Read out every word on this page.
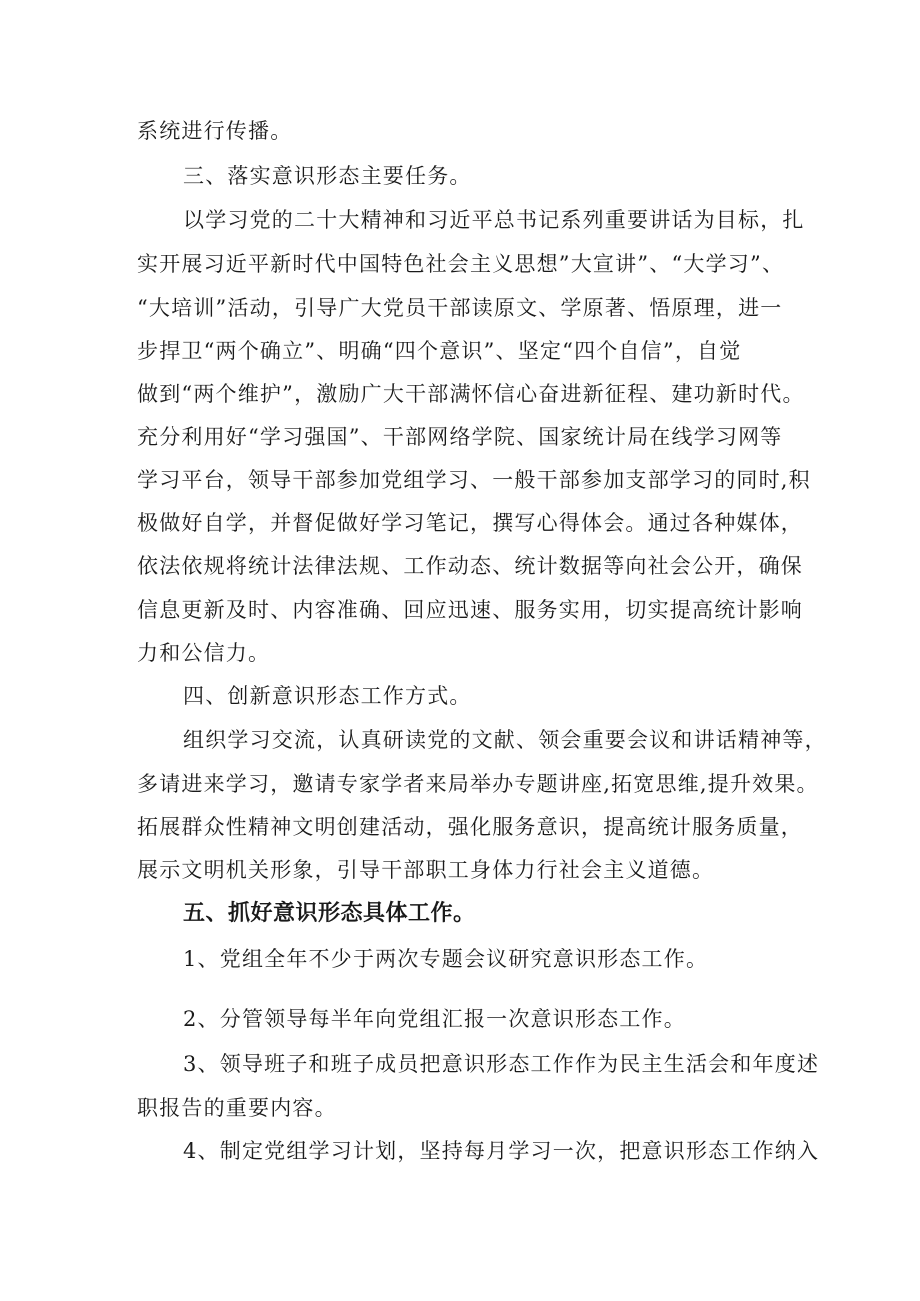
系统进行传播。
三、落实意识形态主要任务。
以学习党的二十大精神和习近平总书记系列重要讲话为目标，扎
实开展习近平新时代中国特色社会主义思想”大宣讲”、“大学习”、
“大培训”活动，引导广大党员干部读原文、学原著、悟原理，进一
步捍卫“两个确立”、明确“四个意识”、坚定“四个自信”，自觉
做到“两个维护”，激励广大干部满怀信心奋进新征程、建功新时代。
充分利用好“学习强国”、干部网络学院、国家统计局在线学习网等
学习平台，领导干部参加党组学习、一般干部参加支部学习的同时,积
极做好自学，并督促做好学习笔记，撰写心得体会。通过各种媒体，
依法依规将统计法律法规、工作动态、统计数据等向社会公开，确保
信息更新及时、内容准确、回应迅速、服务实用，切实提高统计影响
力和公信力。
四、创新意识形态工作方式。
组织学习交流，认真研读党的文献、领会重要会议和讲话精神等，
多请进来学习，邀请专家学者来局举办专题讲座,拓宽思维,提升效果。
拓展群众性精神文明创建活动，强化服务意识，提高统计服务质量，
展示文明机关形象，引导干部职工身体力行社会主义道德。
五、抓好意识形态具体工作。
1、党组全年不少于两次专题会议研究意识形态工作。
2、分管领导每半年向党组汇报一次意识形态工作。
3、领导班子和班子成员把意识形态工作作为民主生活会和年度述
职报告的重要内容。
4、制定党组学习计划，坚持每月学习一次，把意识形态工作纳入
